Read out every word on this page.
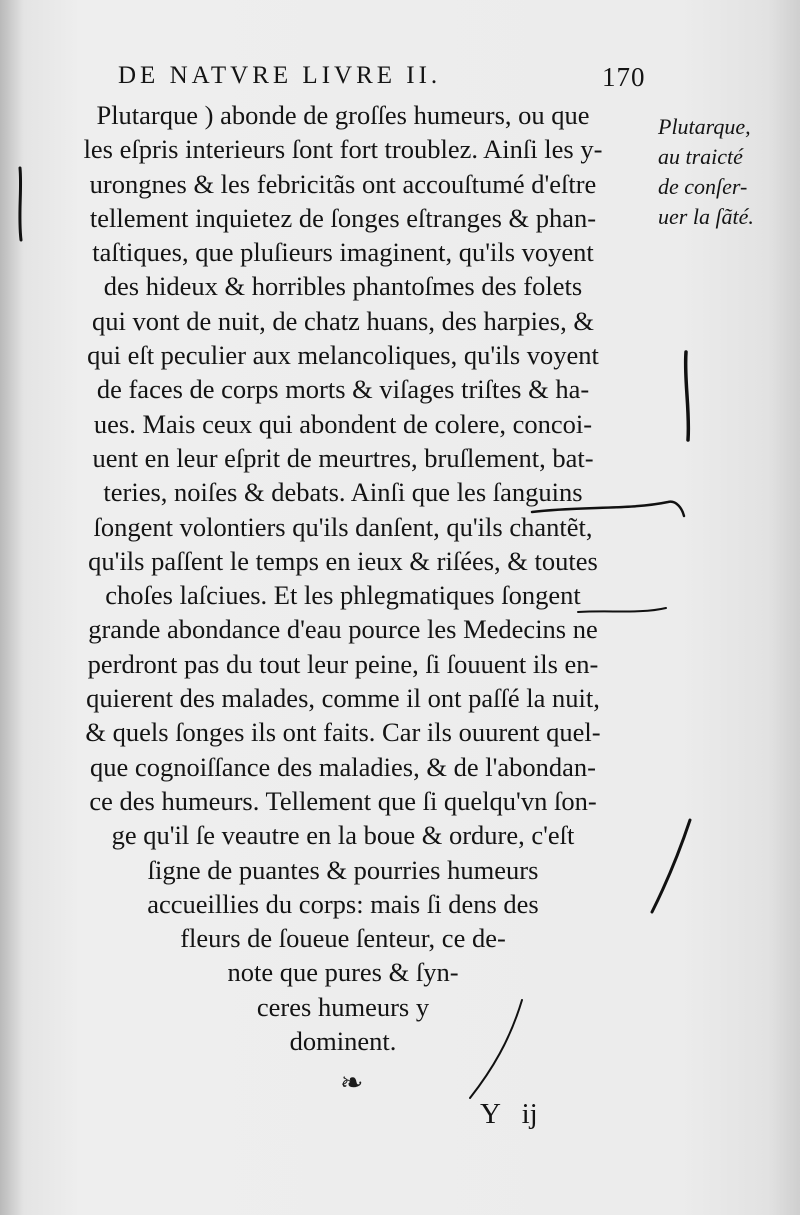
DE NATVRE LIVRE II.	170
Plutarque ) abonde de groſſes humeurs, ou que
les eſpris interieurs ſont fort troublez. Ainſi les y-
urongnes & les febricitãs ont accouſtumé d'eſtre
tellement inquietez de ſonges eſtranges & phan-
taſtiques, que pluſieurs imaginent, qu'ils voyent
des hideux & horribles phantoſmes des folets
qui vont de nuit, de chatz huans, des harpies, &
qui eſt peculier aux melancoliques, qu'ils voyent
de faces de corps morts & viſages triſtes & ha-
ues. Mais ceux qui abondent de colere, concoi-
uent en leur eſprit de meurtres, bruſlement, bat-
teries, noiſes & debats. Ainſi que les ſanguins
ſongent volontiers qu'ils danſent, qu'ils chantẽt,
qu'ils paſſent le temps en ieux & riſées, & toutes
choſes laſciues. Et les phlegmatiques ſongent
grande abondance d'eau pource les Medecins ne
perdront pas du tout leur peine, ſi ſouuent ils en-
quierent des malades, comme il ont paſſé la nuit,
& quels ſonges ils ont faits. Car ils ouurent quel-
que cognoiſſance des maladies, & de l'abondan-
ce des humeurs. Tellement que ſi quelqu'vn ſon-
ge qu'il ſe veautre en la boue & ordure, c'eſt
ſigne de puantes & pourries humeurs
accueillies du corps: mais ſi dens des
fleurs de ſoueue ſenteur, ce de-
note que pures & ſyn-
ceres humeurs y
dominent.
Plutarque,
au traicté
de conſer-
uer la ſãté.
❧
Y   ij
